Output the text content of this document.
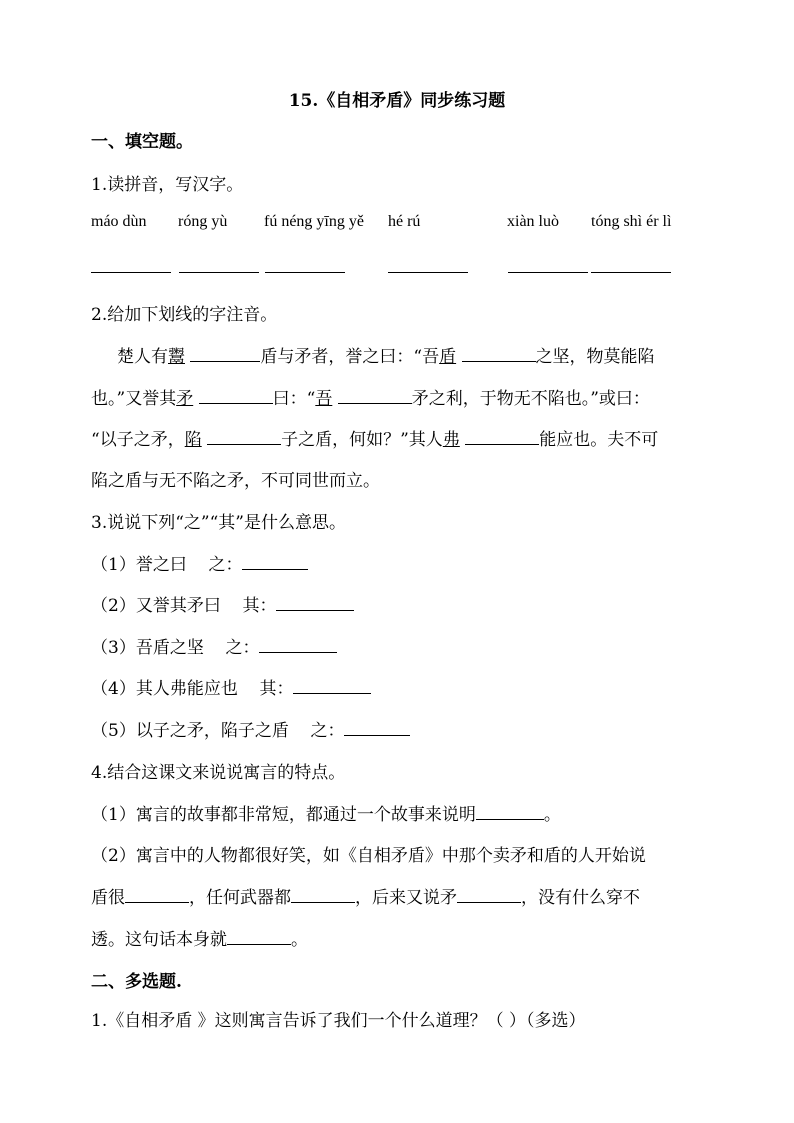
15.《自相矛盾》同步练习题
一、填空题。
1.读拼音，写汉字。
máo dùn róng yù fú néng yīng yě hé rú	xiàn luò tóng shì ér lì
2.给加下划线的字注音。
楚人有鬻	盾与矛者，誉之曰：“吾盾	之坚，物莫能陷
也。”又誉其矛	曰：“吾	矛之利，于物无不陷也。”或曰：
“以子之矛，陷	子之盾，何如？”其人弗	能应也。夫不可
陷之盾与无不陷之矛，不可同世而立。
3.说说下列“之”“其”是什么意思。
（1）誉之曰 之：
（2）又誉其矛曰 其：
（3）吾盾之坚 之：
（4）其人弗能应也 其：
（5）以子之矛，陷子之盾 之：
4.结合这课文来说说寓言的特点。
（1）寓言的故事都非常短，都通过一个故事来说明	。
（2）寓言中的人物都很好笑，如《自相矛盾》中那个卖矛和盾的人开始说
盾很	，任何武器都	，后来又说矛	，没有什么穿不
透。这句话本身就	。
二、多选题.
1.《自相矛盾 》这则寓言告诉了我们一个什么道理？（ ）（多选）
